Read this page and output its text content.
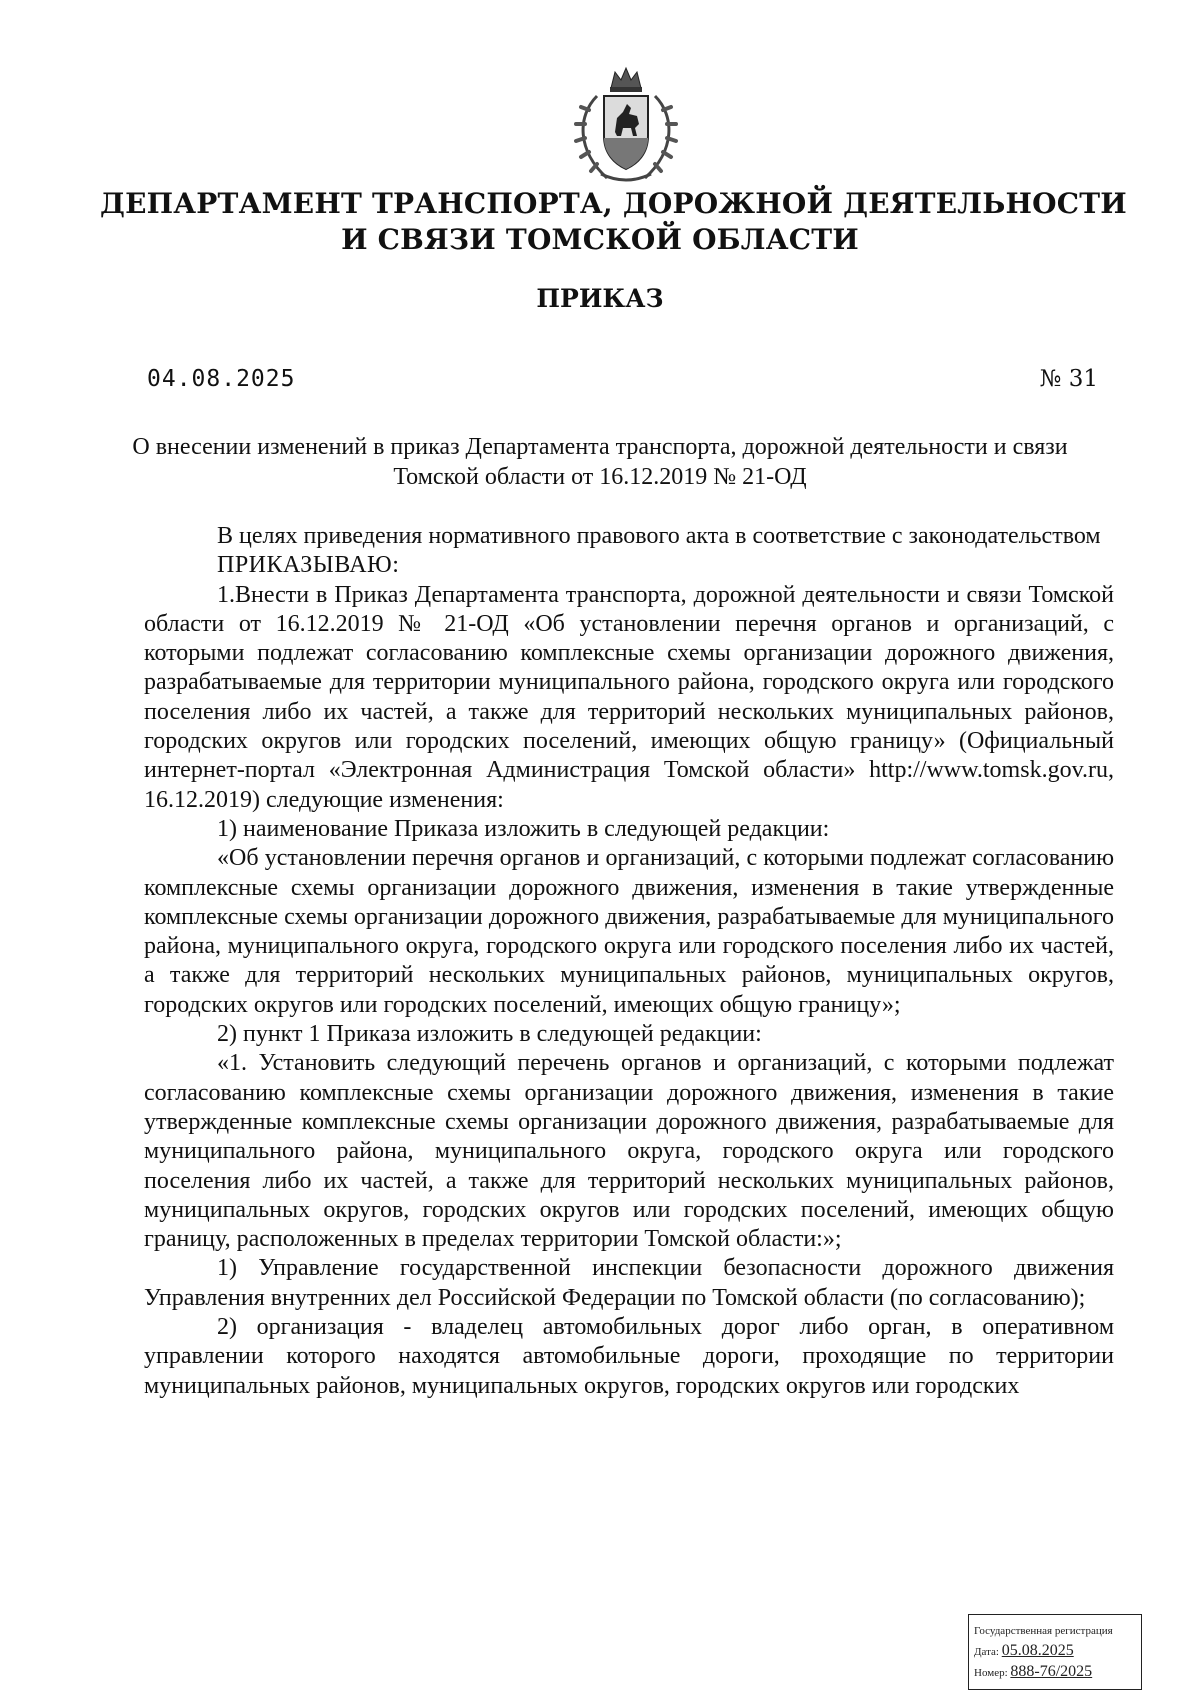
ДЕПАРТАМЕНТ ТРАНСПОРТА, ДОРОЖНОЙ ДЕЯТЕЛЬНОСТИ
И СВЯЗИ ТОМСКОЙ ОБЛАСТИ
ПРИКАЗ
04.08.2025	№ 31
О внесении изменений в приказ Департамента транспорта, дорожной деятельности и связи
Томской области от 16.12.2019 № 21-ОД

В целях приведения нормативного правового акта в соответствие с законодательством

ПРИКАЗЫВАЮ:

1.Внести в Приказ Департамента транспорта, дорожной деятельности и связи Томской области от 16.12.2019 № 21-ОД «Об установлении перечня органов и организаций, с которыми подлежат согласованию комплексные схемы организации дорожного движения, разрабатываемые для территории муниципального района, городского округа или городского поселения либо их частей, а также для территорий нескольких муниципальных районов, городских округов или городских поселений, имеющих общую границу» (Официальный интернет-портал «Электронная Администрация Томской области» http://www.tomsk.gov.ru, 16.12.2019) следующие изменения:

1) наименование Приказа изложить в следующей редакции:

«Об установлении перечня органов и организаций, с которыми подлежат согласованию комплексные схемы организации дорожного движения, изменения в такие утвержденные комплексные схемы организации дорожного движения, разрабатываемые для муниципального района, муниципального округа, городского округа или городского поселения либо их частей, а также для территорий нескольких муниципальных районов, муниципальных округов, городских округов или городских поселений, имеющих общую границу»;

2) пункт 1 Приказа изложить в следующей редакции:

«1. Установить следующий перечень органов и организаций, с которыми подлежат согласованию комплексные схемы организации дорожного движения, изменения в такие утвержденные комплексные схемы организации дорожного движения, разрабатываемые для муниципального района, муниципального округа, городского округа или городского поселения либо их частей, а также для территорий нескольких муниципальных районов, муниципальных округов, городских округов или городских поселений, имеющих общую границу, расположенных в пределах территории Томской области:»;

1) Управление государственной инспекции безопасности дорожного движения Управления внутренних дел Российской Федерации по Томской области (по согласованию);

2) организация - владелец автомобильных дорог либо орган, в оперативном управлении которого находятся автомобильные дороги, проходящие по территории муниципальных районов, муниципальных округов, городских округов или городских

Государственная регистрация
Дата: 05.08.2025
Номер: 888-76/2025
